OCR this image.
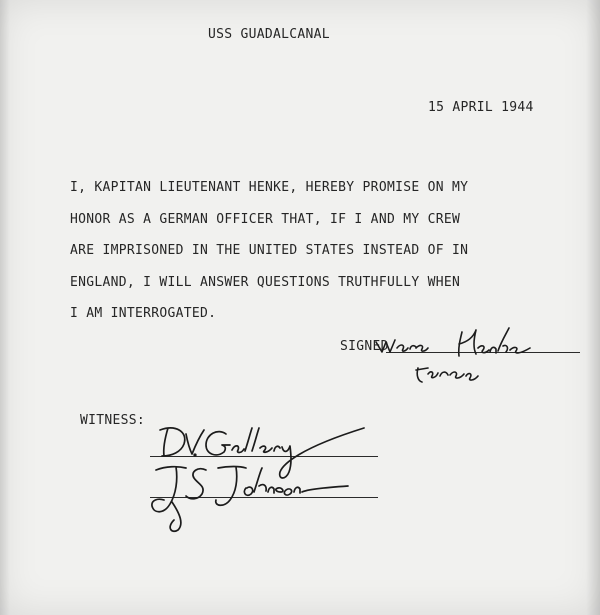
USS GUADALCANAL
15 APRIL 1944
I, KAPITAN LIEUTENANT HENKE, HEREBY PROMISE ON MY
HONOR AS A GERMAN OFFICER THAT, IF I AND MY CREW
ARE IMPRISONED IN THE UNITED STATES INSTEAD OF IN
ENGLAND, I WILL ANSWER QUESTIONS TRUTHFULLY WHEN
I AM INTERROGATED.
SIGNED
WITNESS:
